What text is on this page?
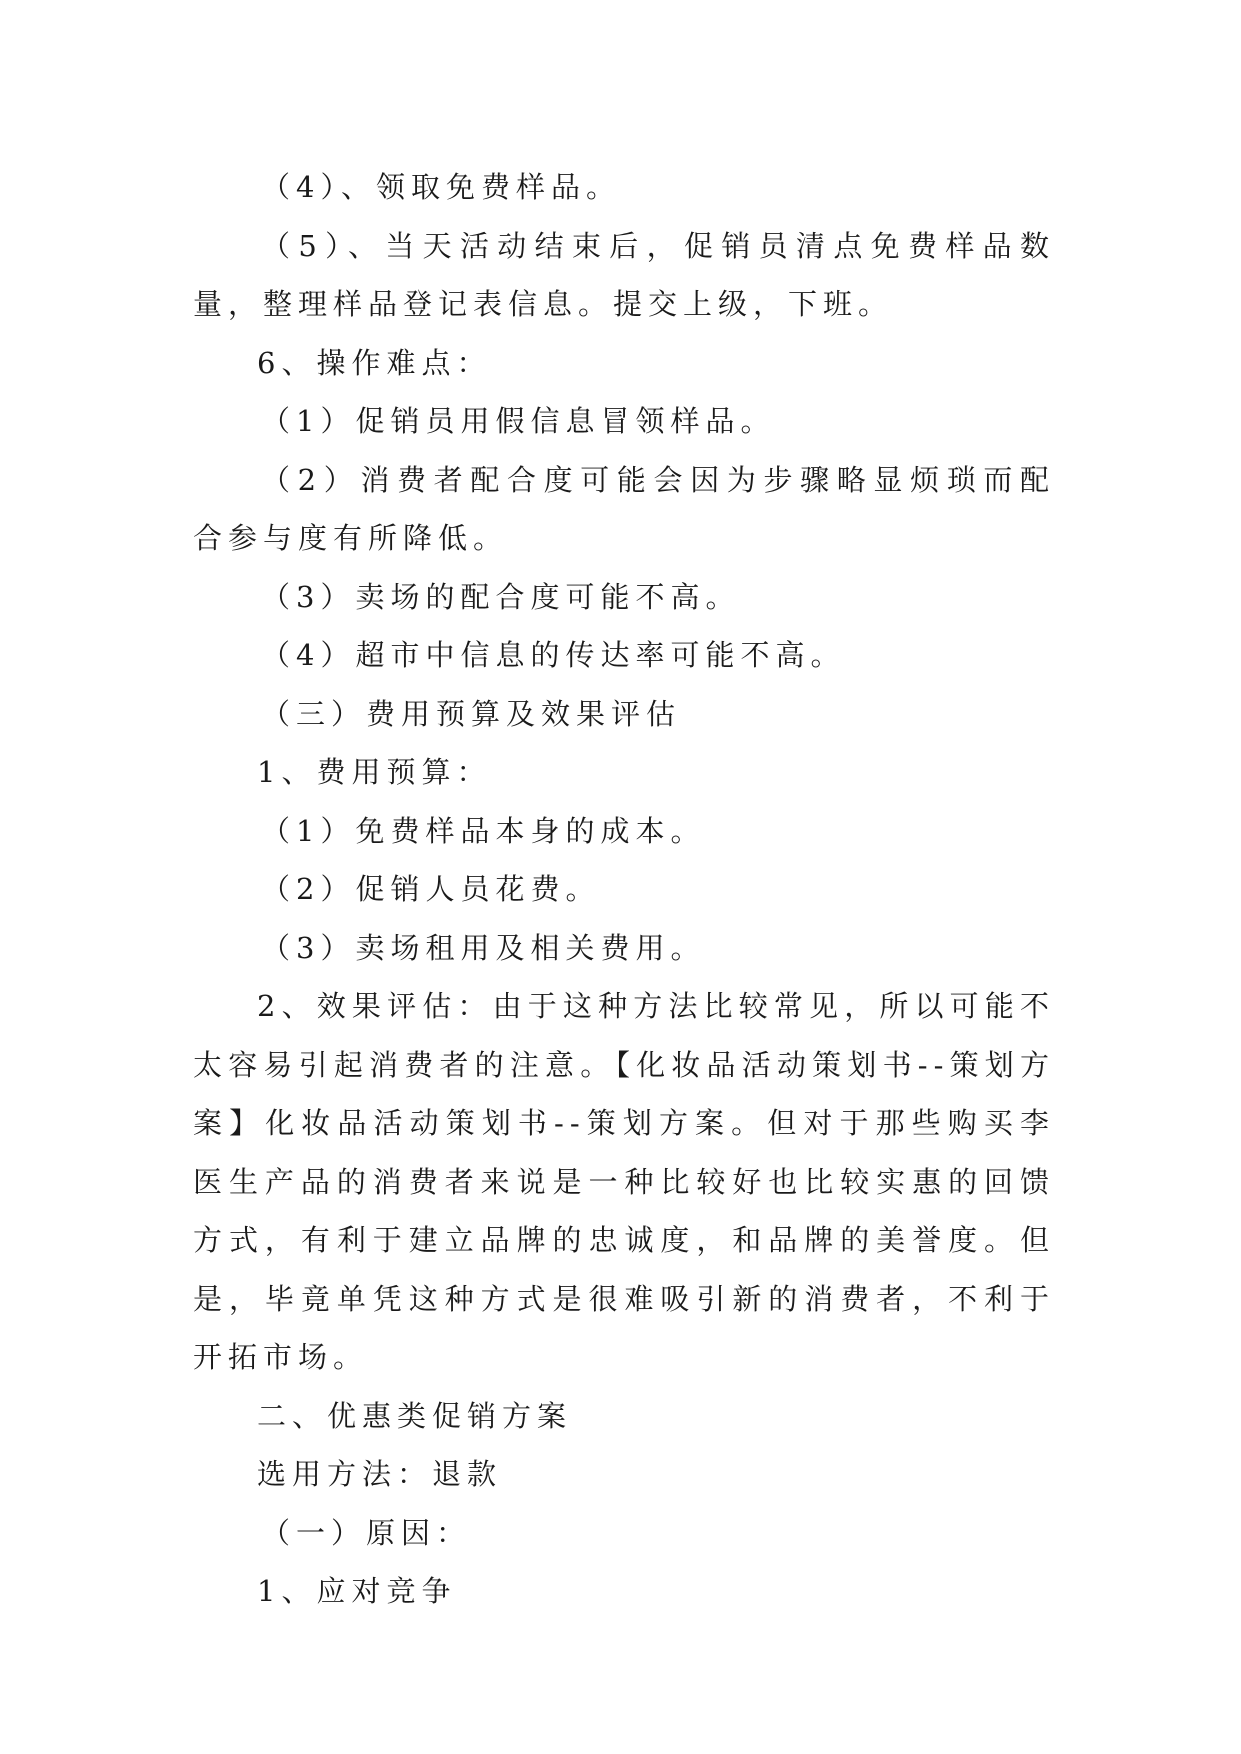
（4）、领取免费样品。

（5）、当天活动结束后，促销员清点免费样品数量，整理样品登记表信息。提交上级，下班。

6、操作难点：

（1）促销员用假信息冒领样品。

（2）消费者配合度可能会因为步骤略显烦琐而配合参与度有所降低。

（3）卖场的配合度可能不高。

（4）超市中信息的传达率可能不高。

（三）费用预算及效果评估

1、费用预算：

（1）免费样品本身的成本。

（2）促销人员花费。

（3）卖场租用及相关费用。

2、效果评估：由于这种方法比较常见，所以可能不太容易引起消费者的注意。【化妆品活动策划书--策划方案】化妆品活动策划书--策划方案。但对于那些购买李医生产品的消费者来说是一种比较好也比较实惠的回馈方式，有利于建立品牌的忠诚度，和品牌的美誉度。但是，毕竟单凭这种方式是很难吸引新的消费者，不利于开拓市场。

二、优惠类促销方案

选用方法：退款

（一）原因：

1、应对竞争
